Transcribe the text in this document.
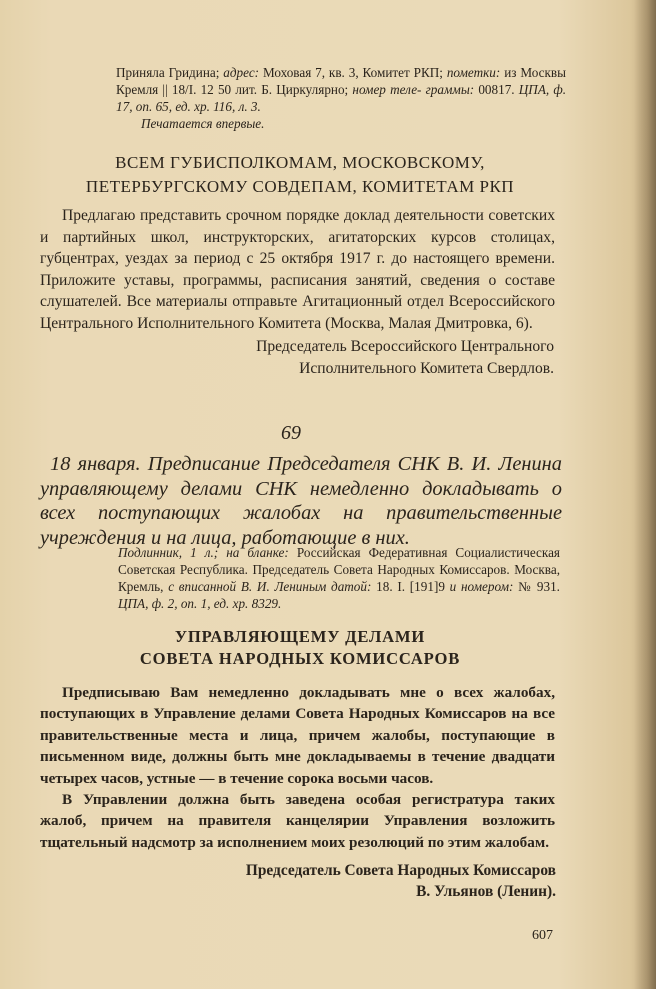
Приняла Гридина; адрес: Моховая 7, кв. 3, Комитет РКП; пометки: из Москвы Кремля || 18/I. 12 50 лит. Б. Циркулярно; номер теле- граммы: 00817. ЦПА, ф. 17, оп. 65, ед. хр. 116, л. 3.
Печатается впервые.
ВСЕМ ГУБИСПОЛКОМАМ, МОСКОВСКОМУ,
ПЕТЕРБУРГСКОМУ СОВДЕПАМ, КОМИТЕТАМ РКП
Предлагаю представить срочном порядке доклад деятельности советских и партийных школ, инструкторских, агитаторских курсов столицах, губцентрах, уездах за период с 25 октября 1917 г. до настоящего времени. Приложите уставы, программы, расписания занятий, сведения о составе слушателей. Все материалы отправьте Агитационный отдел Всероссийского Центрального Исполнительного Комитета (Москва, Малая Дмитровка, 6).
Председатель Всероссийского Центрального
Исполнительного Комитета Свердлов.
69
18 января. Предписание Председателя СНК В. И. Ленина управляющему делами СНК немедленно докладывать о всех поступающих жалобах на правительственные учреждения и на лица, работающие в них.
Подлинник, 1 л.; на бланке: Российская Федеративная Социалистическая Советская Республика. Председатель Совета Народных Комиссаров. Москва, Кремль, с вписанной В. И. Лениным датой: 18. I. [191]9 и номером: № 931. ЦПА, ф. 2, оп. 1, ед. хр. 8329.
УПРАВЛЯЮЩЕМУ ДЕЛАМИ
СОВЕТА НАРОДНЫХ КОМИССАРОВ
Предписываю Вам немедленно докладывать мне о всех жалобах, поступающих в Управление делами Совета Народных Комиссаров на все правительственные места и лица, причем жалобы, поступающие в письменном виде, должны быть мне докладываемы в течение двадцати четырех часов, устные — в течение сорока восьми часов.
В Управлении должна быть заведена особая регистратура таких жалоб, причем на правителя канцелярии Управления возложить тщательный надсмотр за исполнением моих резолюций по этим жалобам.
Председатель Совета Народных Комиссаров
В. Ульянов (Ленин).
607
